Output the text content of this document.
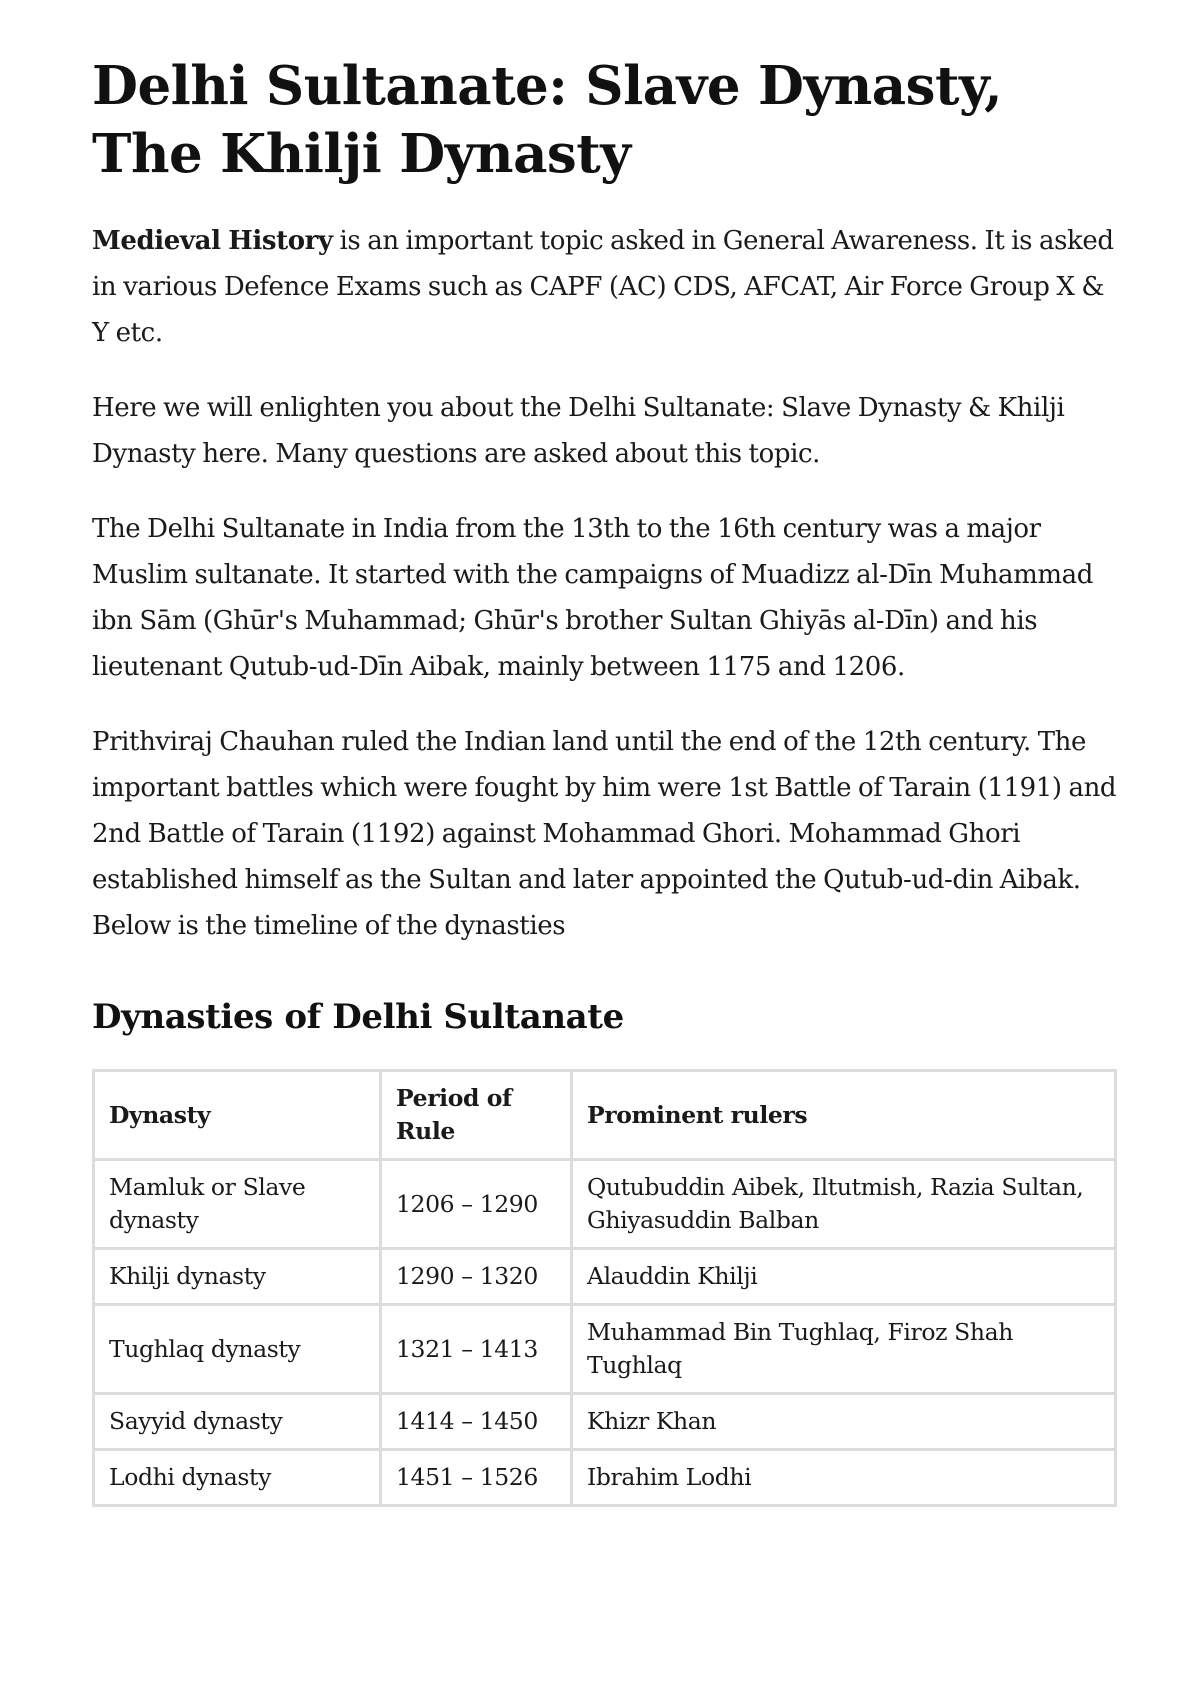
Delhi Sultanate: Slave Dynasty, The Khilji Dynasty

Medieval History is an important topic asked in General Awareness. It is asked in various Defence Exams such as CAPF (AC) CDS, AFCAT, Air Force Group X & Y etc.

Here we will enlighten you about the Delhi Sultanate: Slave Dynasty & Khilji Dynasty here. Many questions are asked about this topic.

The Delhi Sultanate in India from the 13th to the 16th century was a major Muslim sultanate. It started with the campaigns of Muadizz al-Dīn Muhammad ibn Sām (Ghūr's Muhammad; Ghūr's brother Sultan Ghiyās al-Dīn) and his lieutenant Qutub-ud-Dīn Aibak, mainly between 1175 and 1206.

Prithviraj Chauhan ruled the Indian land until the end of the 12th century. The important battles which were fought by him were 1st Battle of Tarain (1191) and 2nd Battle of Tarain (1192) against Mohammad Ghori. Mohammad Ghori established himself as the Sultan and later appointed the Qutub-ud-din Aibak. Below is the timeline of the dynasties

Dynasties of Delhi Sultanate
Dynasty	Period of Rule	Prominent rulers
Mamluk or Slave dynasty	1206 – 1290	Qutubuddin Aibek, Iltutmish, Razia Sultan, Ghiyasuddin Balban
Khilji dynasty	1290 – 1320	Alauddin Khilji
Tughlaq dynasty	1321 – 1413	Muhammad Bin Tughlaq, Firoz Shah Tughlaq
Sayyid dynasty	1414 – 1450	Khizr Khan
Lodhi dynasty	1451 – 1526	Ibrahim Lodhi
